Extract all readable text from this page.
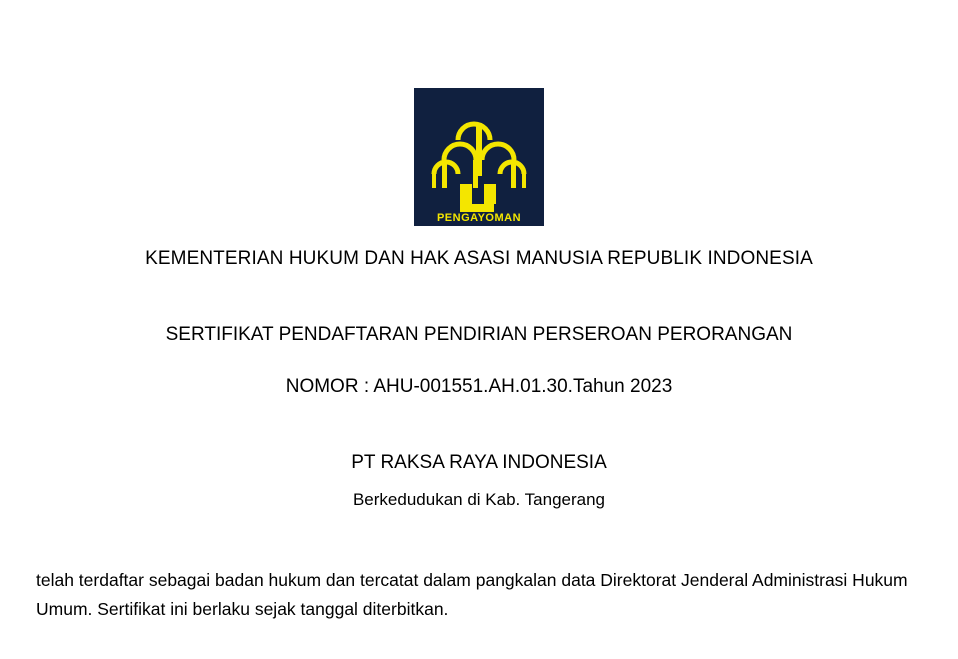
PENGAYOMAN
KEMENTERIAN HUKUM DAN HAK ASASI MANUSIA REPUBLIK INDONESIA
SERTIFIKAT PENDAFTARAN PENDIRIAN PERSEROAN PERORANGAN
NOMOR : AHU-001551.AH.01.30.Tahun 2023
PT RAKSA RAYA INDONESIA
Berkedudukan di Kab. Tangerang
telah terdaftar sebagai badan hukum dan tercatat dalam pangkalan data Direktorat Jenderal Administrasi Hukum Umum. Sertifikat ini berlaku sejak tanggal diterbitkan.
